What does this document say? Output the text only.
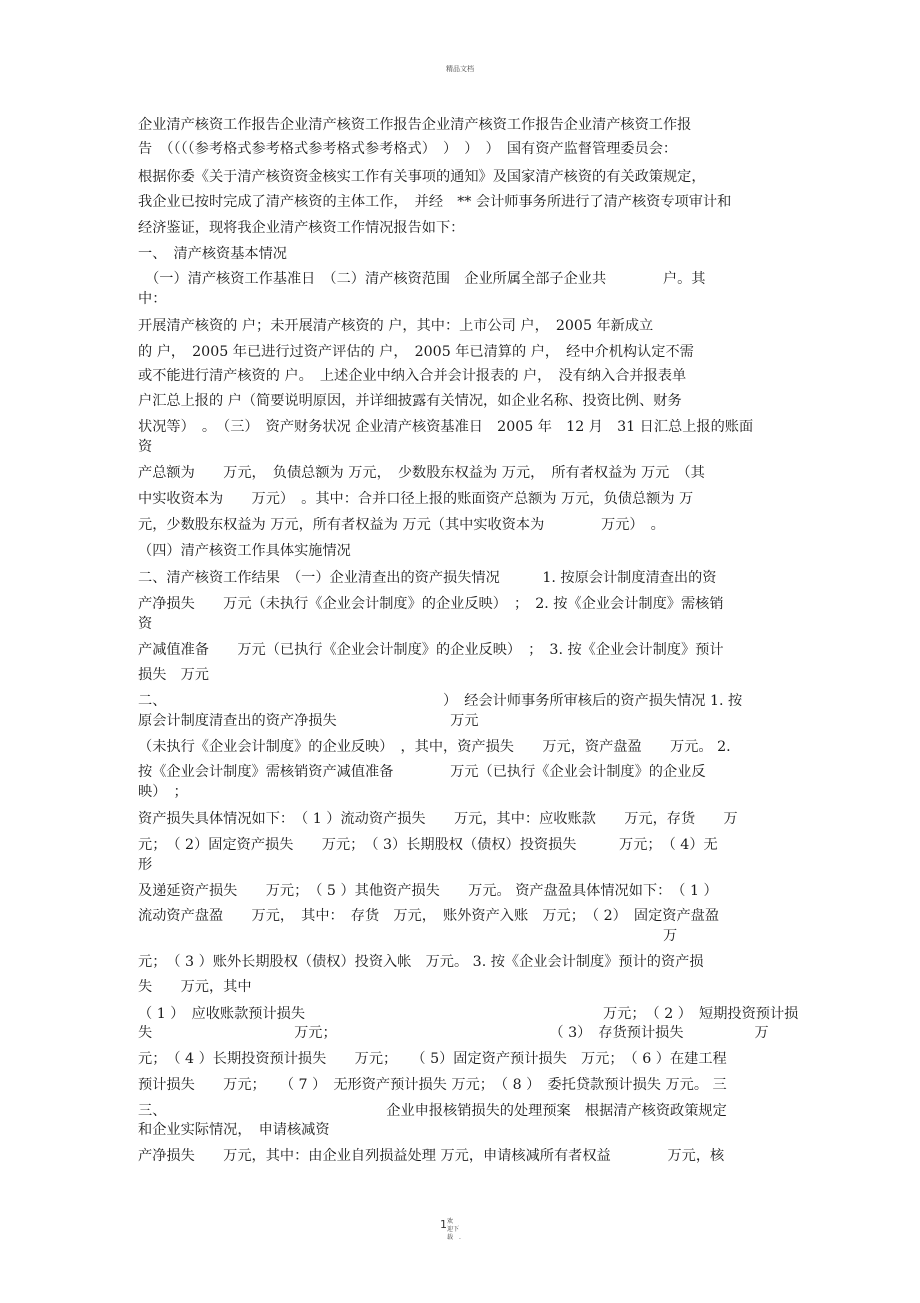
精品文档
企业清产核资工作报告企业清产核资工作报告企业清产核资工作报告企业清产核资工作报
告　（（（（参考格式参考格式参考格式参考格式）　）　）　）　国有资产监督管理委员会：
根据你委《关于清产核资资金核实工作有关事项的通知》及国家清产核资的有关政策规定，
我企业已按时完成了清产核资的主体工作，　并经　** 会计师事务所进行了清产核资专项审计和
经济鉴证，现将我企业清产核资工作情况报告如下：
一、　清产核资基本情况
　（一）清产核资工作基准日　（二）清产核资范围　企业所属全部子企业共　　　　户。其
中：
开展清产核资的 户；未开展清产核资的 户，其中：上市公司 户，　2005 年新成立
的 户，　2005 年已进行过资产评估的 户，　2005 年已清算的 户，　经中介机构认定不需
或不能进行清产核资的 户。　上述企业中纳入合并会计报表的 户，　没有纳入合并报表单
户汇总上报的 户（简要说明原因，并详细披露有关情况，如企业名称、投资比例、财务
状况等）　。　（三）　资产财务状况 企业清产核资基准日　2005 年　12 月　31 日汇总上报的账面
资
产总额为　　万元，　负债总额为 万元，　少数股东权益为 万元，　所有者权益为 万元　（其
中实收资本为　　万元）　。其中：合并口径上报的账面资产总额为 万元，负债总额为 万
元，少数股东权益为 万元，所有者权益为 万元（其中实收资本为　　　　万元）　。
（四）清产核资工作具体实施情况
二、清产核资工作结果　（一）企业清查出的资产损失情况　　　1. 按原会计制度清查出的资
产净损失　　万元（未执行《企业会计制度》的企业反映）　；　2. 按《企业会计制度》需核销
资
产减值准备　　万元（已执行《企业会计制度》的企业反映）　；　3. 按《企业会计制度》预计
损失　万元
二、　　　　　　　　　　　　　　　　　　　　）　经会计师事务所审核后的资产损失情况 1. 按
原会计制度清查出的资产净损失　　　　　　　　万元
（未执行《企业会计制度》的企业反映）　，其中，资产损失　　万元，资产盘盈　　万元。 2.
按《企业会计制度》需核销资产减值准备　　　　万元（已执行《企业会计制度》的企业反
映）　；
资产损失具体情况如下：　（ 1 ）流动资产损失　　万元，其中：应收账款　　万元，存货　　万
元；　（ 2）固定资产损失　　万元；　（ 3）长期股权（债权）投资损失　　　万元；　（ 4）无
形
及递延资产损失　　万元；　（ 5 ）其他资产损失　　万元。 资产盘盈具体情况如下：　（ 1 ）
流动资产盘盈　　万元，　其中：　存货　万元，　账外资产入账　万元；　（ 2）　固定资产盘盈
　　　　　　　　　　　　　　　　　　　　　　　　　　　　　　　　　　　　　万
元；　（ 3 ）账外长期股权（债权）投资入帐　万元。 3. 按《企业会计制度》预计的资产损
失　　万元，其中
（ 1 ）　应收账款预计损失　　　　　　　　　　　　　　　　　　　　　万元；　（ 2 ）　短期投资预计损
失　　　　　　　　　　万元；　　　　　　　　　　　　　　　　（ 3）　存货预计损失　　　　　万
元；　（ 4 ）长期投资预计损失　　万元；　　（ 5）固定资产预计损失　万元；　（ 6 ）在建工程
预计损失　　万元；　　（ 7 ）　无形资产预计损失 万元；　（ 8 ）　委托贷款预计损失 万元。 三
三、　　　　　　　　　　　　　　　　企业申报核销损失的处理预案　根据清产核资政策规定
和企业实际情况，　申请核减资
产净损失　　万元，其中：由企业自列损益处理 万元，申请核减所有者权益　　　　万元，核
$^1$欢
迎下
载　.
